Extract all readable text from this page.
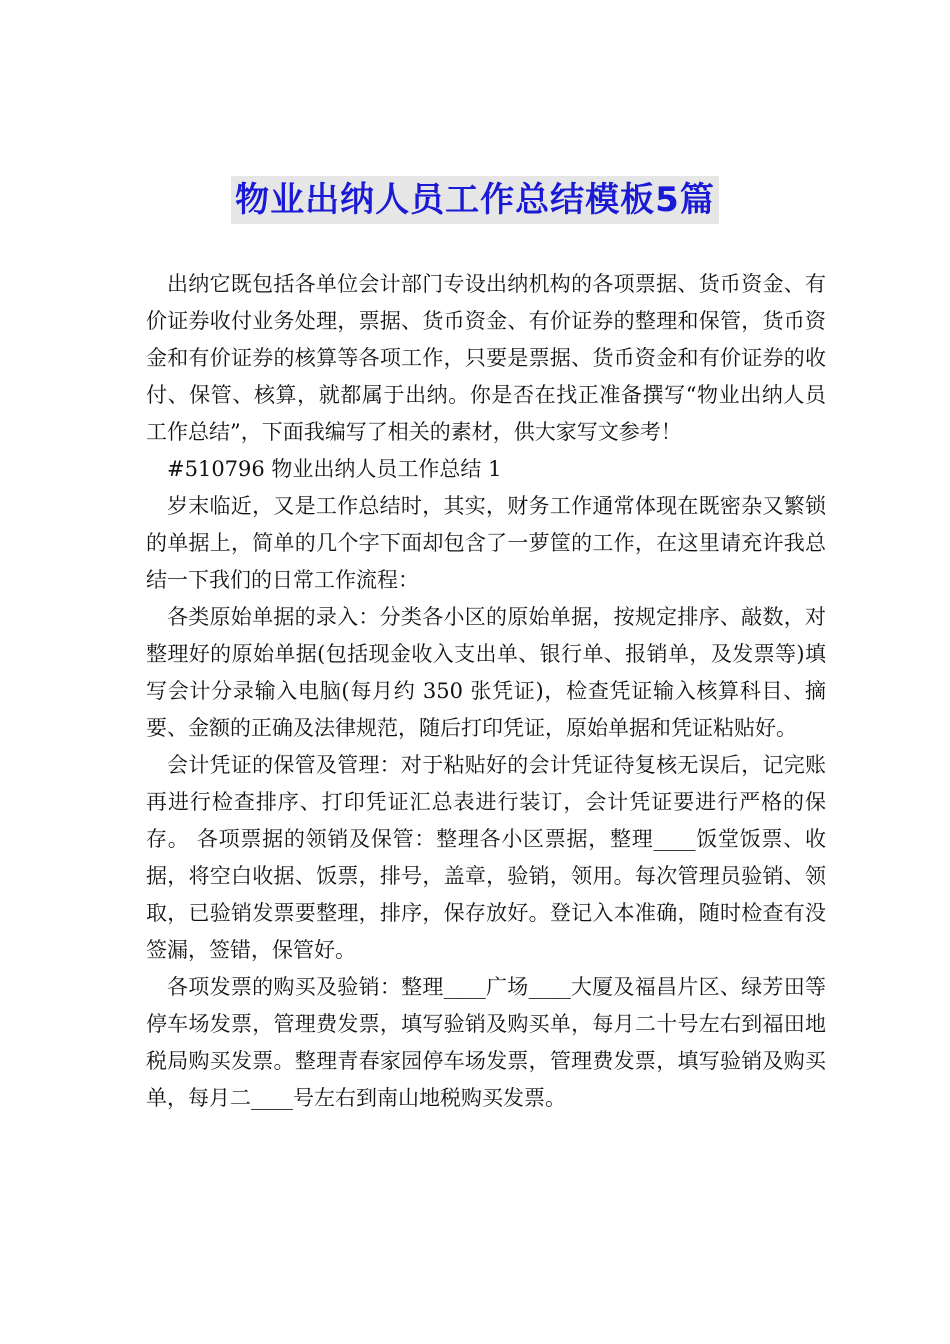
物业出纳人员工作总结模板5篇

出纳它既包括各单位会计部门专设出纳机构的各项票据、货币资金、有价证券收付业务处理，票据、货币资金、有价证券的整理和保管，货币资金和有价证券的核算等各项工作，只要是票据、货币资金和有价证券的收付、保管、核算，就都属于出纳。你是否在找正准备撰写“物业出纳人员工作总结”，下面我编写了相关的素材，供大家写文参考！

#510796 物业出纳人员工作总结 1

岁末临近，又是工作总结时，其实，财务工作通常体现在既密杂又繁锁的单据上，简单的几个字下面却包含了一萝筐的工作，在这里请充许我总结一下我们的日常工作流程：

各类原始单据的录入：分类各小区的原始单据，按规定排序、敲数，对整理好的原始单据(包括现金收入支出单、银行单、报销单，及发票等)填写会计分录输入电脑(每月约 350 张凭证)，检查凭证输入核算科目、摘要、金额的正确及法律规范，随后打印凭证，原始单据和凭证粘贴好。

会计凭证的保管及管理：对于粘贴好的会计凭证待复核无误后，记完账再进行检查排序、打印凭证汇总表进行装订，会计凭证要进行严格的保存。 各项票据的领销及保管：整理各小区票据，整理____饭堂饭票、收据，将空白收据、饭票，排号，盖章，验销，领用。每次管理员验销、领取，已验销发票要整理，排序，保存放好。登记入本准确，随时检查有没签漏，签错，保管好。

各项发票的购买及验销：整理____广场____大厦及福昌片区、绿芳田等停车场发票，管理费发票，填写验销及购买单，每月二十号左右到福田地税局购买发票。整理青春家园停车场发票，管理费发票，填写验销及购买单，每月二____号左右到南山地税购买发票。
